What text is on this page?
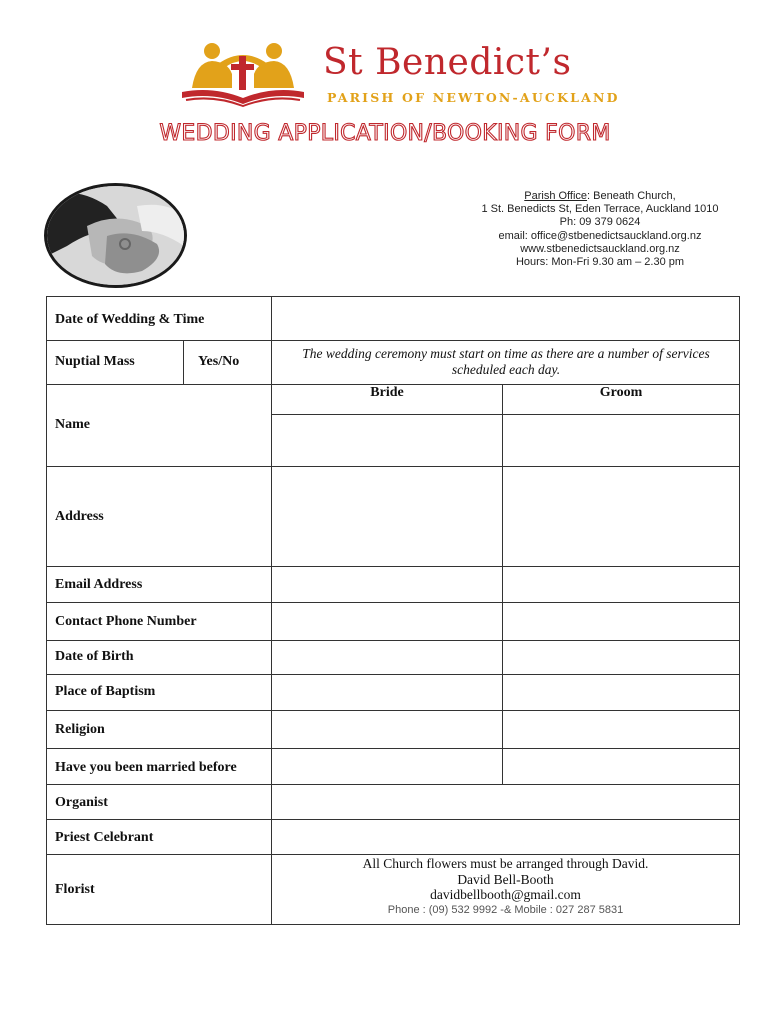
St Benedict’s
PARISH OF NEWTON-AUCKLAND
WEDDING APPLICATION/BOOKING FORM
Parish Office: Beneath Church,
1 St. Benedicts St, Eden Terrace, Auckland 1010
Ph: 09 379 0624
email: office@stbenedictsauckland.org.nz
www.stbenedictsauckland.org.nz
Hours: Mon-Fri 9.30 am – 2.30 pm
Date of Wedding & Time
Nuptial Mass	Yes/No
The wedding ceremony must start on time as there are a number of services scheduled each day.
Bride	Groom
Name
Address
Email Address
Contact Phone Number
Date of Birth
Place of Baptism
Religion
Have you been married before
Organist
Priest Celebrant
Florist
All Church flowers must be arranged through David.
David Bell-Booth
davidbellbooth@gmail.com
Phone : (09) 532 9992 -& Mobile : 027 287 5831
